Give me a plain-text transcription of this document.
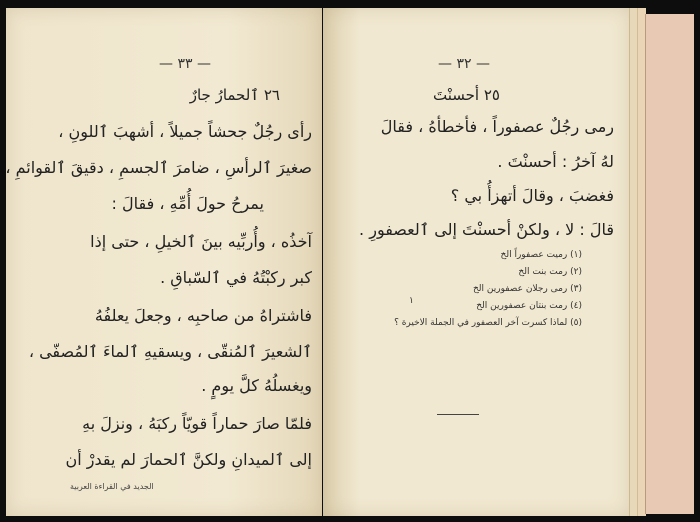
— ٣٣ —
٢٦ ٱلحمارُ جارٌ
رأى رجُلٌ جحشاً جميلاً ، أشهبَ ٱللونِ ،
صغيرَ ٱلرأسِ ، ضامرَ ٱلجسمِ ، دقيقَ ٱلقوائمِ ،
يمرحُ حولَ أُمِّهِ ، فقالَ :
آخذُه ، وأُربِّيه بينَ ٱلخيلِ ، حتى إذا
كبر ركبْتُهُ في ٱلسّباقِ .
فاشتراهُ من صاحبِه ، وجعلَ يعلفُهُ
ٱلشعيرَ ٱلمُنقّى ، ويسقيهِ ٱلماءَ ٱلمُصفّى ،
ويغسلُهُ كلَّ يومٍ .
فلمّا صارَ حماراً قويّاً ركبَهُ ، ونزلَ بهِ
إلى ٱلميدانِ ولكنَّ ٱلحمارَ لم يقدرْ أن
الجديد في القراءة العربية
— ٣٢ —
٢٥ أحسنْتَ
رمى رجُلٌ عصفوراً ، فأخطأهُ ، فقالَ
لهُ آخرُ : أحسنْتَ .
فغضبَ ، وقالَ أتهزأُ بي ؟
قالَ : لا ، ولكنْ أحسنْتَ إلى ٱلعصفورِ .
(١) رميت عصفوراً الخ
(٢) رمت بنت الخ
(٣) رمى رجلان عصفورين الخ
(٤) رمت بنتان عصفورين الخ
(٥) لماذا كسرت آخر العصفور في الجملة الاخيرة ؟
١
